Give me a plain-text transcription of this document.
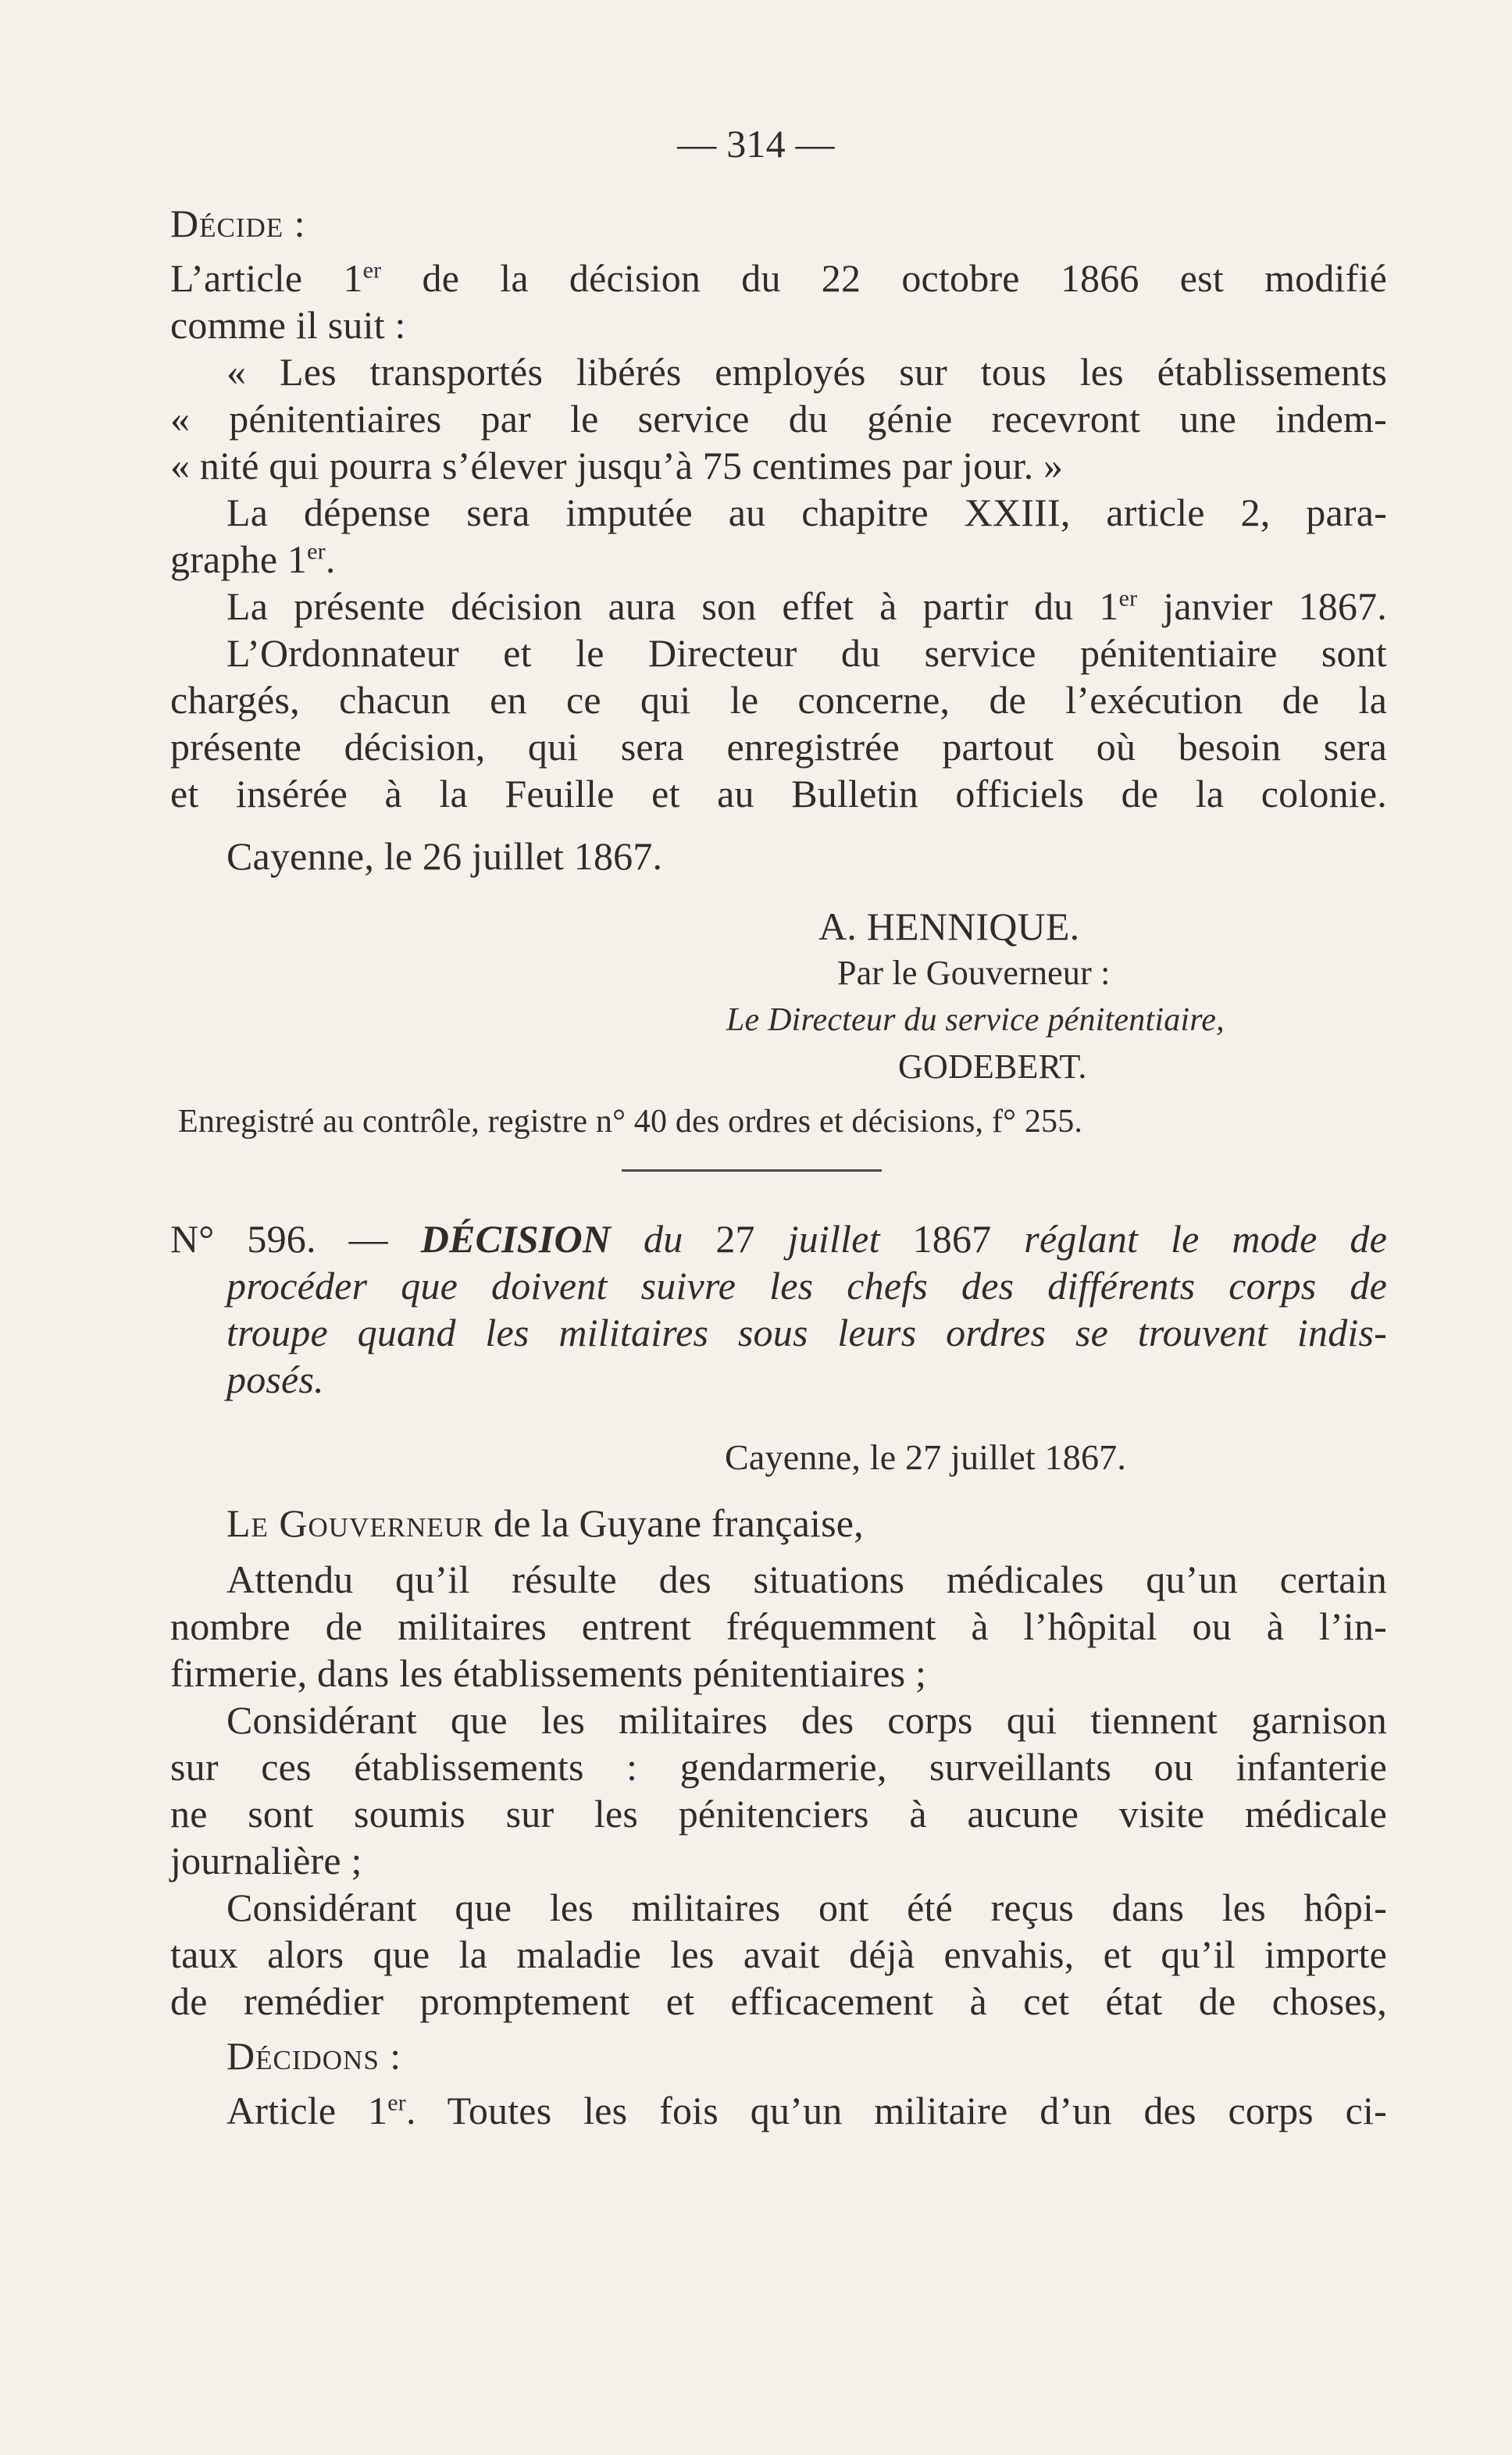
— 314 —
Décide :
L’article 1er de la décision du 22 octobre 1866 est modifié
comme il suit :
« Les transportés libérés employés sur tous les établissements
« pénitentiaires par le service du génie recevront une indem-
« nité qui pourra s’élever jusqu’à 75 centimes par jour. »
La dépense sera imputée au chapitre XXIII, article 2, para-
graphe 1er.
La présente décision aura son effet à partir du 1er janvier 1867.
L’Ordonnateur et le Directeur du service pénitentiaire sont
chargés, chacun en ce qui le concerne, de l’exécution de la
présente décision, qui sera enregistrée partout où besoin sera
et insérée à la Feuille et au Bulletin officiels de la colonie.
Cayenne, le 26 juillet 1867.
A. HENNIQUE.
Par le Gouverneur :
Le Directeur du service pénitentiaire,
GODEBERT.
Enregistré au contrôle, registre n° 40 des ordres et décisions, f° 255.
N° 596. — DÉCISION du 27 juillet 1867 réglant le mode de
procéder que doivent suivre les chefs des différents corps de
troupe quand les militaires sous leurs ordres se trouvent indis-
posés.
Cayenne, le 27 juillet 1867.
Le Gouverneur de la Guyane française,
Attendu qu’il résulte des situations médicales qu’un certain
nombre de militaires entrent fréquemment à l’hôpital ou à l’in-
firmerie, dans les établissements pénitentiaires ;
Considérant que les militaires des corps qui tiennent garnison
sur ces établissements : gendarmerie, surveillants ou infanterie
ne sont soumis sur les pénitenciers à aucune visite médicale
journalière ;
Considérant que les militaires ont été reçus dans les hôpi-
taux alors que la maladie les avait déjà envahis, et qu’il importe
de remédier promptement et efficacement à cet état de choses,
Décidons :
Article 1er. Toutes les fois qu’un militaire d’un des corps ci-
